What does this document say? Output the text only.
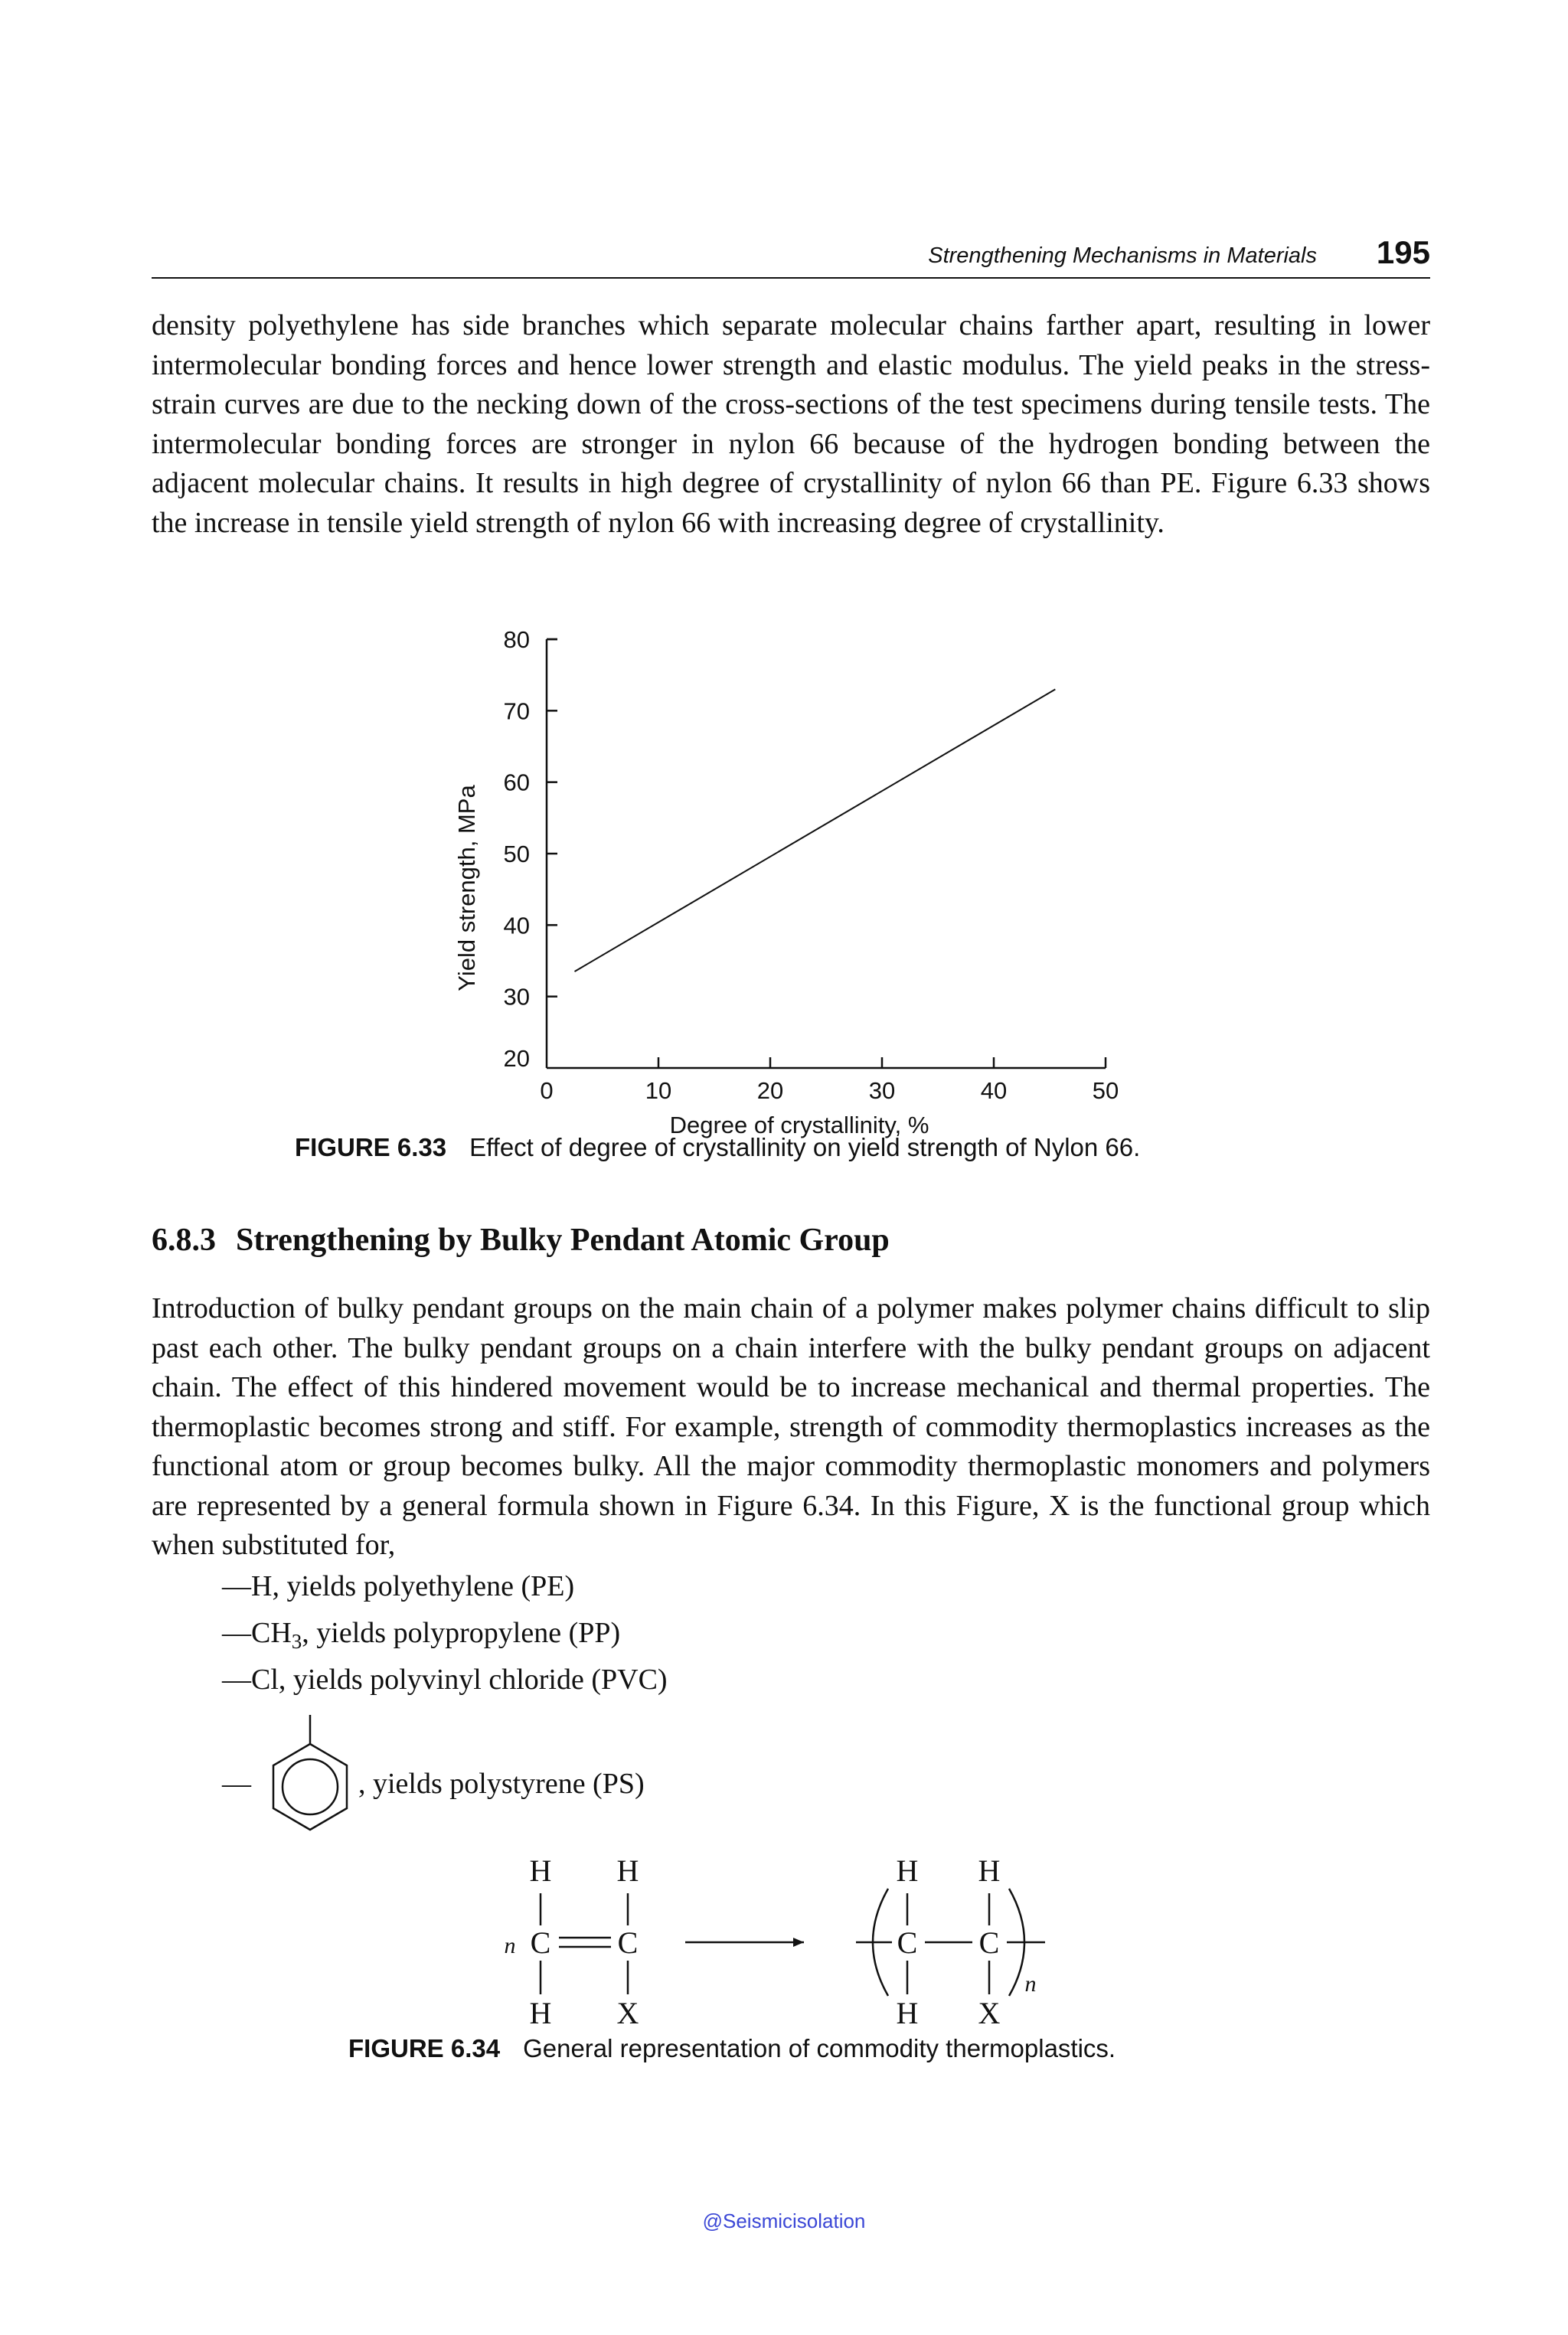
Strengthening Mechanisms in Materials 195
density polyethylene has side branches which separate molecular chains farther apart, resulting in lower intermolecular bonding forces and hence lower strength and elastic modulus. The yield peaks in the stress-strain curves are due to the necking down of the cross-sections of the test specimens during tensile tests. The intermolecular bonding forces are stronger in nylon 66 because of the hydrogen bonding between the adjacent molecular chains. It results in high degree of crystallinity of nylon 66 than PE. Figure 6.33 shows the increase in tensile yield strength of nylon 66 with increasing degree of crystallinity.
20
30
40
50
60
70
80
0	10	20	30	40	50
Degree of crystallinity, %
Yield strength, MPa
FIGURE 6.33 Effect of degree of crystallinity on yield strength of Nylon 66.
6.8.3 Strengthening by Bulky Pendant Atomic Group
Introduction of bulky pendant groups on the main chain of a polymer makes polymer chains difficult to slip past each other. The bulky pendant groups on a chain interfere with the bulky pendant groups on adjacent chain. The effect of this hindered movement would be to increase mechanical and thermal properties. The thermoplastic becomes strong and stiff. For example, strength of commodity thermoplastics increases as the functional atom or group becomes bulky. All the major commodity thermoplastic monomers and polymers are represented by a general formula shown in Figure 6.34. In this Figure, X is the functional group which when substituted for,
—H, yields polyethylene (PE)
$—CH_3$, yields polypropylene (PP)
—Cl, yields polyvinyl chloride (PVC)
—	, yields polystyrene (PS)
H H
n C C
H X
H H
C C
H X
n
FIGURE 6.34 General representation of commodity thermoplastics.
@Seismicisolation
